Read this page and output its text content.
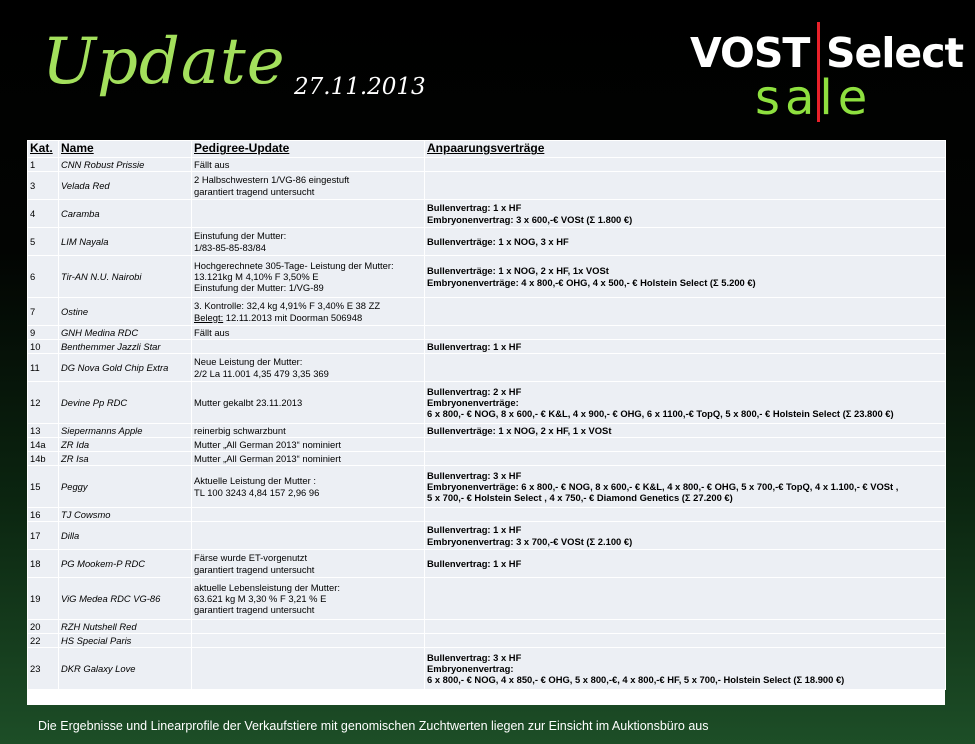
Update 27.11.2013
VOST Select
sale
Kat.	Name	Pedigree-Update	Anpaarungsverträge
1	CNN Robust Prissie	Fällt aus	

3	Velada Red	2 Halbschwestern 1/VG-86 eingestuft
garantiert tragend untersucht	

4	Caramba		Bullenvertrag: 1 x HF
Embryonenvertrag: 3 x 600,-€ VOSt (Σ 1.800 €)

5	LIM Nayala	Einstufung der Mutter:
1/83-85-85-83/84	Bullenverträge: 1 x NOG, 3 x HF

6	Tir-AN N.U. Nairobi	Hochgerechnete 305-Tage- Leistung der Mutter:
13.121kg M 4,10% F 3,50% E
Einstufung der Mutter: 1/VG-89	Bullenverträge: 1 x NOG, 2 x HF, 1x VOSt
Embryonenverträge: 4 x 800,-€ OHG, 4 x 500,- € Holstein Select (Σ 5.200 €)

7	Ostine	3. Kontrolle: 32,4 kg 4,91% F 3,40% E 38 ZZ
Belegt: 12.11.2013 mit Doorman 506948	

9	GNH Medina RDC	Fällt aus	

10	Benthemmer Jazzli Star		Bullenvertrag: 1 x HF

11	DG Nova Gold Chip Extra	Neue Leistung der Mutter:
2/2 La 11.001 4,35 479 3,35 369	

12	Devine Pp RDC	Mutter gekalbt 23.11.2013	Bullenvertrag: 2 x HF
Embryonenverträge:
6 x 800,- € NOG, 8 x 600,- € K&L, 4 x 900,- € OHG, 6 x 1100,-€ TopQ, 5 x 800,- € Holstein Select (Σ 23.800 €)

13	Siepermanns Apple	reinerbig schwarzbunt	Bullenverträge: 1 x NOG, 2 x HF, 1 x VOSt

14a	ZR Ida	Mutter „All German 2013“ nominiert	

14b	ZR Isa	Mutter „All German 2013“ nominiert	

15	Peggy	Aktuelle Leistung der Mutter :
TL 100 3243 4,84 157 2,96 96	Bullenvertrag: 3 x HF
Embryonenverträge: 6 x 800,- € NOG, 8 x 600,- € K&L, 4 x 800,- € OHG, 5 x 700,-€ TopQ, 4 x 1.100,- € VOSt ,
5 x 700,- € Holstein Select , 4 x 750,- € Diamond Genetics (Σ 27.200 €)

16	TJ Cowsmo		
17	Dilla		Bullenvertrag: 1 x HF
Embryonenvertrag: 3 x 700,-€ VOSt (Σ 2.100 €)

18	PG Mookem-P RDC	Färse wurde ET-vorgenutzt
garantiert tragend untersucht	Bullenvertrag: 1 x HF

19	ViG Medea RDC VG-86	aktuelle Lebensleistung der Mutter:
63.621 kg M 3,30 % F 3,21 % E
garantiert tragend untersucht	

20	RZH Nutshell Red		
22	HS Special Paris		
23	DKR Galaxy Love		Bullenvertrag: 3 x HF
Embryonenvertrag:
6 x 800,- € NOG, 4 x 850,- € OHG, 5 x 800,-€, 4 x 800,-€ HF, 5 x 700,- Holstein Select (Σ 18.900 €)
Die Ergebnisse und Linearprofile der Verkaufstiere mit genomischen Zuchtwerten liegen zur Einsicht im Auktionsbüro aus
